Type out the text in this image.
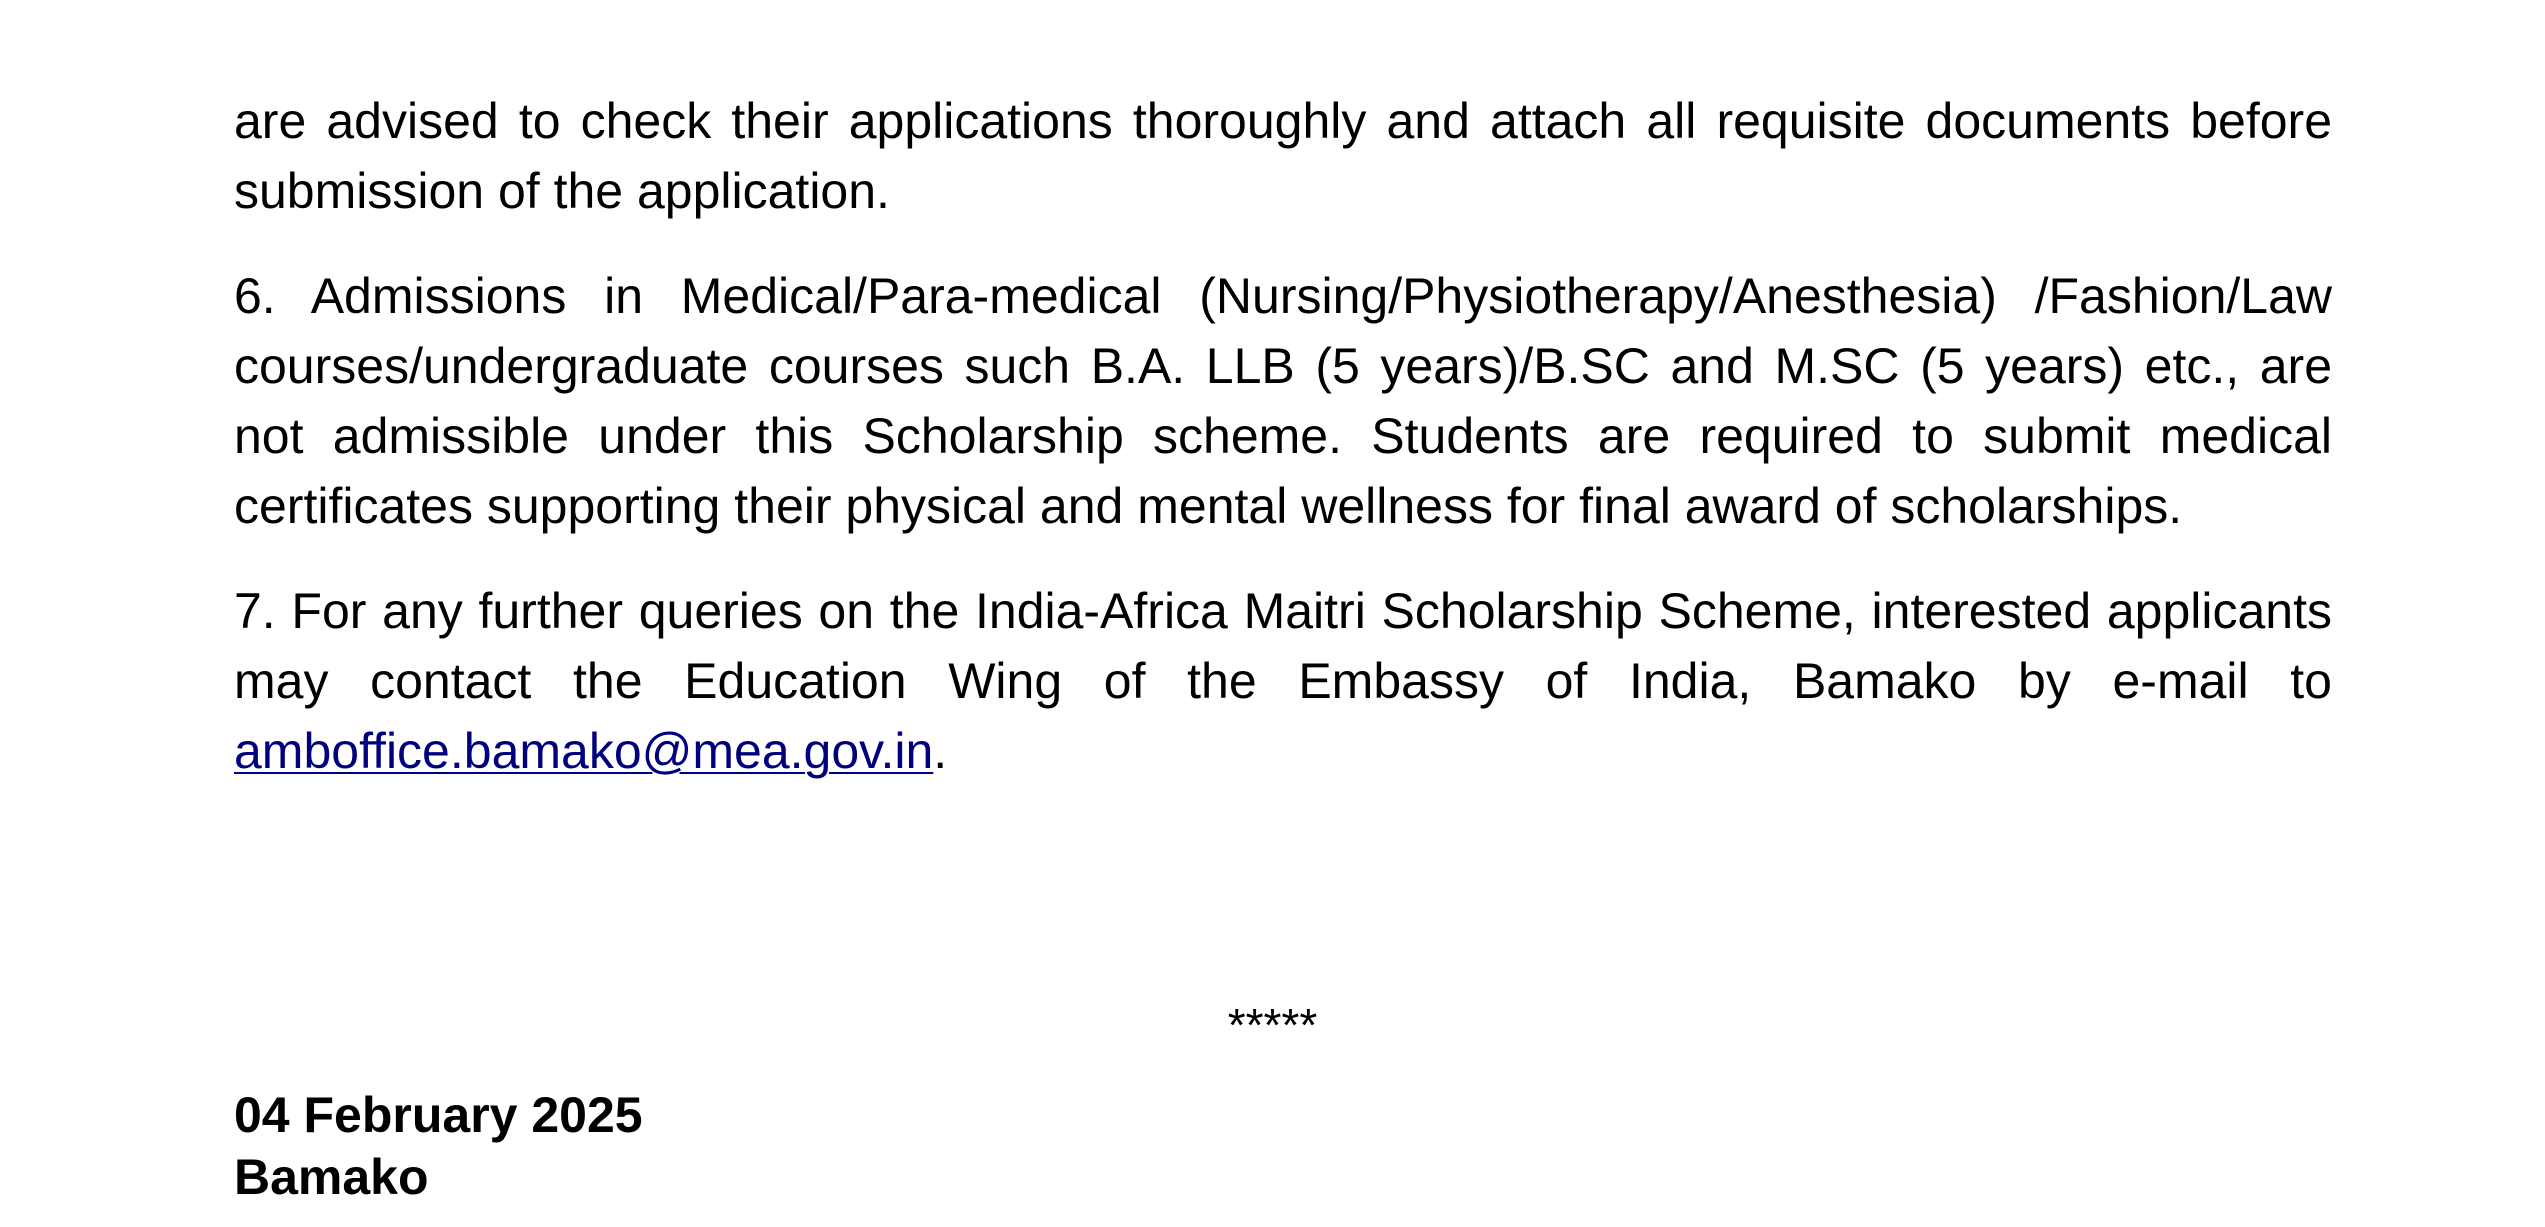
are advised to check their applications thoroughly and attach all requisite documents before submission of the application.

6. Admissions in Medical/Para-medical (Nursing/Physiotherapy/Anesthesia) /Fashion/Law courses/undergraduate courses such B.A. LLB (5 years)/B.SC and M.SC (5 years) etc., are not admissible under this Scholarship scheme. Students are required to submit medical certificates supporting their physical and mental wellness for final award of scholarships.

7. For any further queries on the India-Africa Maitri Scholarship Scheme, interested applicants may contact the Education Wing of the Embassy of India, Bamako by e-mail to amboffice.bamako@mea.gov.in.

*****

04 February 2025

Bamako
